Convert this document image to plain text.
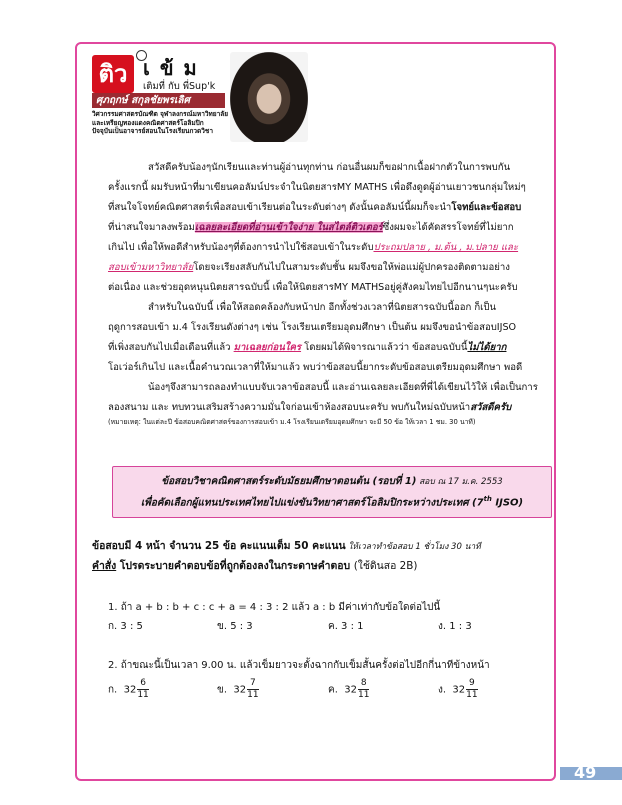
ติว เข้ม
เติมที่ กับ พี่Sup'k
ศุภฤกษ์ สกุลชัยพรเลิศ
วิศวกรรมศาสตรบัณฑิต จุฬาลงกรณ์มหาวิทยาลัย
และเหรียญทองแดงคณิตศาสตร์โอลิมปิก
ปัจจุบันเป็นอาจารย์สอนในโรงเรียนกวดวิชา
สวัสดีครับน้องๆนักเรียนและท่านผู้อ่านทุกท่าน ก่อนอื่นผมก็ขอฝากเนื้อฝากตัวในการพบกัน
ครั้งแรกนี้ ผมรับหน้าที่มาเขียนคอลัมน์ประจำในนิตยสารMY MATHS เพื่อดึงดูดผู้อ่านเยาวชนกลุ่มใหม่ๆ
ที่สนใจโจทย์คณิตศาสตร์เพื่อสอบเข้าเรียนต่อในระดับต่างๆ ดังนั้นคอลัมน์นี้ผมก็จะนำโจทย์และข้อสอบ
ที่น่าสนใจมาลงพร้อมเฉลยละเอียดที่อ่านเข้าใจง่าย ในสไตล์ติวเตอร์ซึ่งผมจะได้คัดสรรโจทย์ที่ไม่ยาก
เกินไป เพื่อให้พอดีสำหรับน้องๆที่ต้องการนำไปใช้สอบเข้าในระดับประถมปลาย , ม.ต้น , ม.ปลาย และ
สอบเข้ามหาวิทยาลัยโดยจะเรียงสลับกันไปในสามระดับชั้น ผมจึงขอให้พ่อแม่ผู้ปกครองติดตามอย่าง
ต่อเนื่อง และช่วยอุดหนุนนิตยสารฉบับนี้ เพื่อให้นิตยสารMY MATHSอยู่คู่สังคมไทยไปอีกนานๆนะครับ
สำหรับในฉบับนี้ เพื่อให้สอดคล้องกับหน้าปก อีกทั้งช่วงเวลาที่นิตยสารฉบับนี้ออก ก็เป็น
ฤดูการสอบเข้า ม.4 โรงเรียนดังต่างๆ เช่น โรงเรียนเตรียมอุดมศึกษา เป็นต้น ผมจึงขอนำข้อสอบIJSO
ที่เพิ่งสอบกันไปเมื่อเดือนที่แล้ว มาเฉลยก่อนใคร โดยผมได้พิจารณาแล้วว่า ข้อสอบฉบับนี้ไม่ได้ยาก
โอเว่อร์เกินไป และเนื้อคำนวณเวลาที่ให้มาแล้ว พบว่าข้อสอบนี้ยากระดับข้อสอบเตรียมอุดมศึกษา พอดี
น้องๆจึงสามารถลองทำแบบจับเวลาข้อสอบนี้ และอ่านเฉลยละเอียดที่พี่ได้เขียนไว้ให้ เพื่อเป็นการ
ลองสนาม และ ทบทวนเสริมสร้างความมั่นใจก่อนเข้าห้องสอบนะครับ พบกันใหม่ฉบับหน้าสวัสดีครับ
(หมายเหตุ: ในแต่ละปี ข้อสอบคณิตศาสตร์ของการสอบเข้า ม.4 โรงเรียนเตรียมอุดมศึกษา จะมี 50 ข้อ ให้เวลา 1 ชม. 30 นาที)
ข้อสอบวิชาคณิตศาสตร์ระดับมัธยมศึกษาตอนต้น (รอบที่ 1) สอบ ณ 17 ม.ค. 2553
เพื่อคัดเลือกผู้แทนประเทศไทยไปแข่งขันวิทยาศาสตร์โอลิมปิกระหว่างประเทศ (7th IJSO)
ข้อสอบมี 4 หน้า จำนวน 25 ข้อ คะแนนเต็ม 50 คะแนน ให้เวลาทำข้อสอบ 1 ชั่วโมง 30 นาที
คำสั่ง โปรดระบายคำตอบข้อที่ถูกต้องลงในกระดาษคำตอบ (ใช้ดินสอ 2B)
1. ถ้า a + b : b + c : c + a = 4 : 3 : 2 แล้ว a : b มีค่าเท่ากับข้อใดต่อไปนี้
ก. 3 : 5	ข. 5 : 3	ค. 3 : 1	ง. 1 : 3
2. ถ้าขณะนี้เป็นเวลา 9.00 น. แล้วเข็มยาวจะตั้งฉากกับเข็มสั้นครั้งต่อไปอีกกี่นาทีข้างหน้า
ก. $32 \frac{6}{11}$	ข. $32 \frac{7}{11}$	ค. $32 \frac{8}{11}$	ง. $32 \frac{9}{11}$
49
